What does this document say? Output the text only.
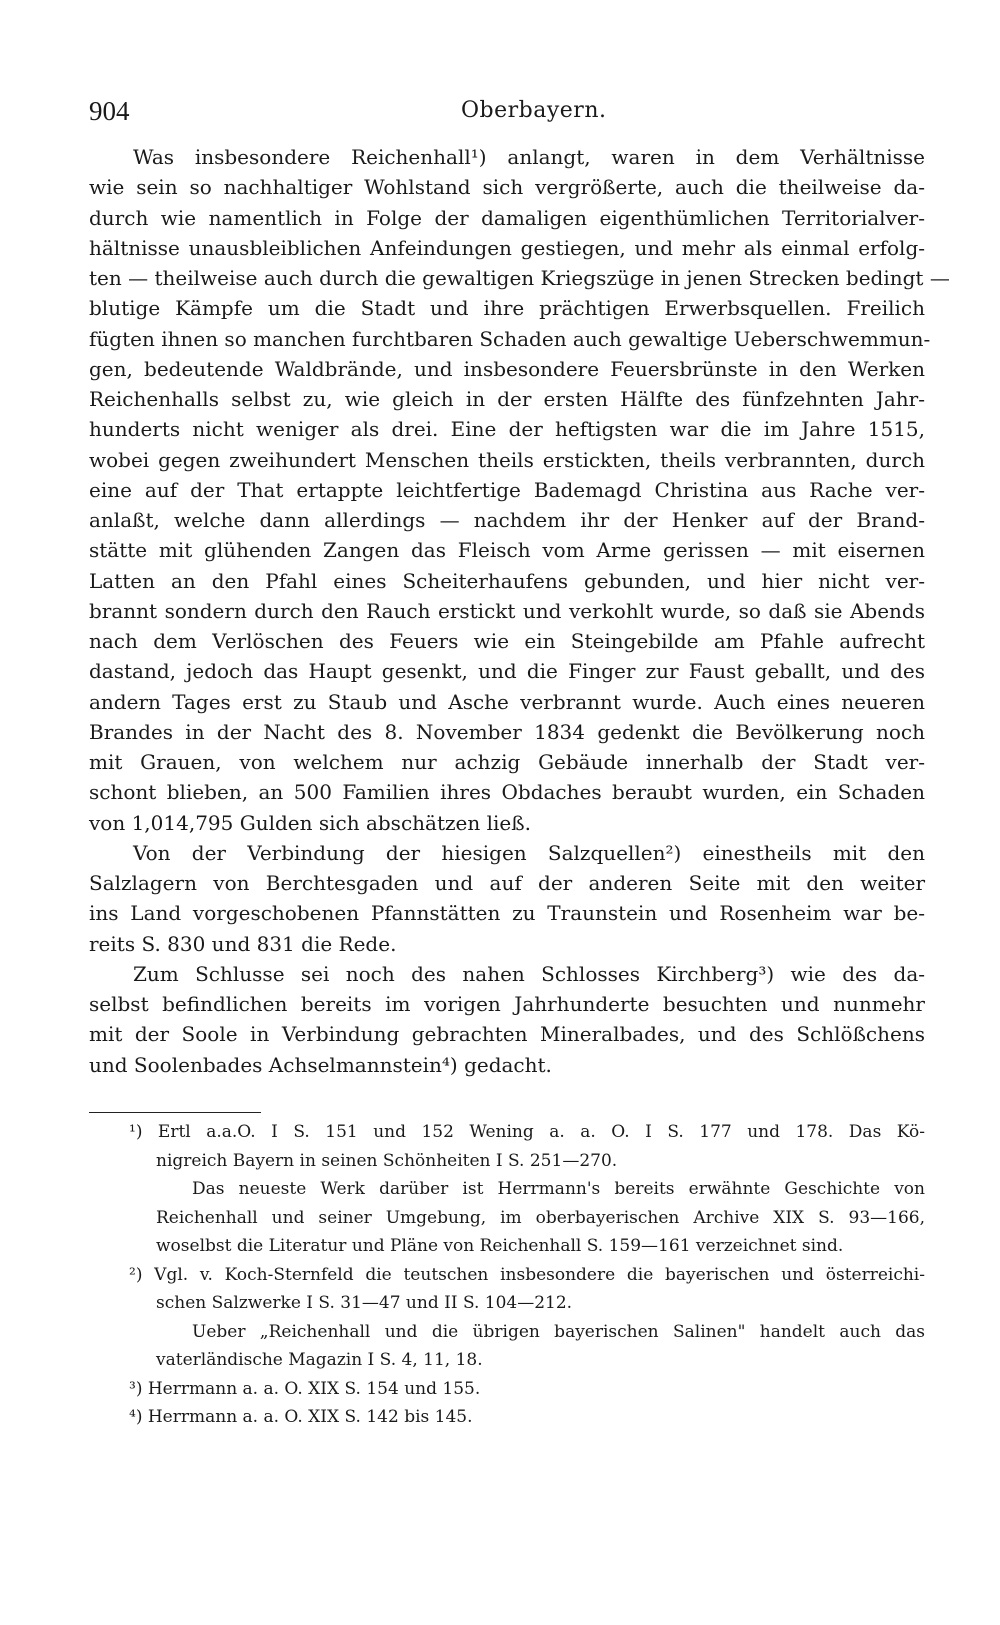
904	Oberbayern.
Was insbesondere Reichenhall¹) anlangt, waren in dem Verhältnisse
wie sein so nachhaltiger Wohlstand sich vergrößerte, auch die theilweise da-
durch wie namentlich in Folge der damaligen eigenthümlichen Territorialver-
hältnisse unausbleiblichen Anfeindungen gestiegen, und mehr als einmal erfolg-
ten — theilweise auch durch die gewaltigen Kriegszüge in jenen Strecken bedingt —
blutige Kämpfe um die Stadt und ihre prächtigen Erwerbsquellen. Freilich
fügten ihnen so manchen furchtbaren Schaden auch gewaltige Ueberschwemmun-
gen, bedeutende Waldbrände, und insbesondere Feuersbrünste in den Werken
Reichenhalls selbst zu, wie gleich in der ersten Hälfte des fünfzehnten Jahr-
hunderts nicht weniger als drei. Eine der heftigsten war die im Jahre 1515,
wobei gegen zweihundert Menschen theils erstickten, theils verbrannten, durch
eine auf der That ertappte leichtfertige Bademagd Christina aus Rache ver-
anlaßt, welche dann allerdings — nachdem ihr der Henker auf der Brand-
stätte mit glühenden Zangen das Fleisch vom Arme gerissen — mit eisernen
Latten an den Pfahl eines Scheiterhaufens gebunden, und hier nicht ver-
brannt sondern durch den Rauch erstickt und verkohlt wurde, so daß sie Abends
nach dem Verlöschen des Feuers wie ein Steingebilde am Pfahle aufrecht
dastand, jedoch das Haupt gesenkt, und die Finger zur Faust geballt, und des
andern Tages erst zu Staub und Asche verbrannt wurde. Auch eines neueren
Brandes in der Nacht des 8. November 1834 gedenkt die Bevölkerung noch
mit Grauen, von welchem nur achzig Gebäude innerhalb der Stadt ver-
schont blieben, an 500 Familien ihres Obdaches beraubt wurden, ein Schaden
von 1,014,795 Gulden sich abschätzen ließ.
Von der Verbindung der hiesigen Salzquellen²) einestheils mit den
Salzlagern von Berchtesgaden und auf der anderen Seite mit den weiter
ins Land vorgeschobenen Pfannstätten zu Traunstein und Rosenheim war be-
reits S. 830 und 831 die Rede.
Zum Schlusse sei noch des nahen Schlosses Kirchberg³) wie des da-
selbst befindlichen bereits im vorigen Jahrhunderte besuchten und nunmehr
mit der Soole in Verbindung gebrachten Mineralbades, und des Schlößchens
und Soolenbades Achselmannstein⁴) gedacht.
¹) Ertl a.a.O. I S. 151 und 152 Wening a. a. O. I S. 177 und 178. Das Kö-
nigreich Bayern in seinen Schönheiten I S. 251—270.
Das neueste Werk darüber ist Herrmann's bereits erwähnte Geschichte von
Reichenhall und seiner Umgebung, im oberbayerischen Archive XIX S. 93—166,
woselbst die Literatur und Pläne von Reichenhall S. 159—161 verzeichnet sind.
²) Vgl. v. Koch-Sternfeld die teutschen insbesondere die bayerischen und österreichi-
schen Salzwerke I S. 31—47 und II S. 104—212.
Ueber „Reichenhall und die übrigen bayerischen Salinen" handelt auch das
vaterländische Magazin I S. 4, 11, 18.
³) Herrmann a. a. O. XIX S. 154 und 155.
⁴) Herrmann a. a. O. XIX S. 142 bis 145.
